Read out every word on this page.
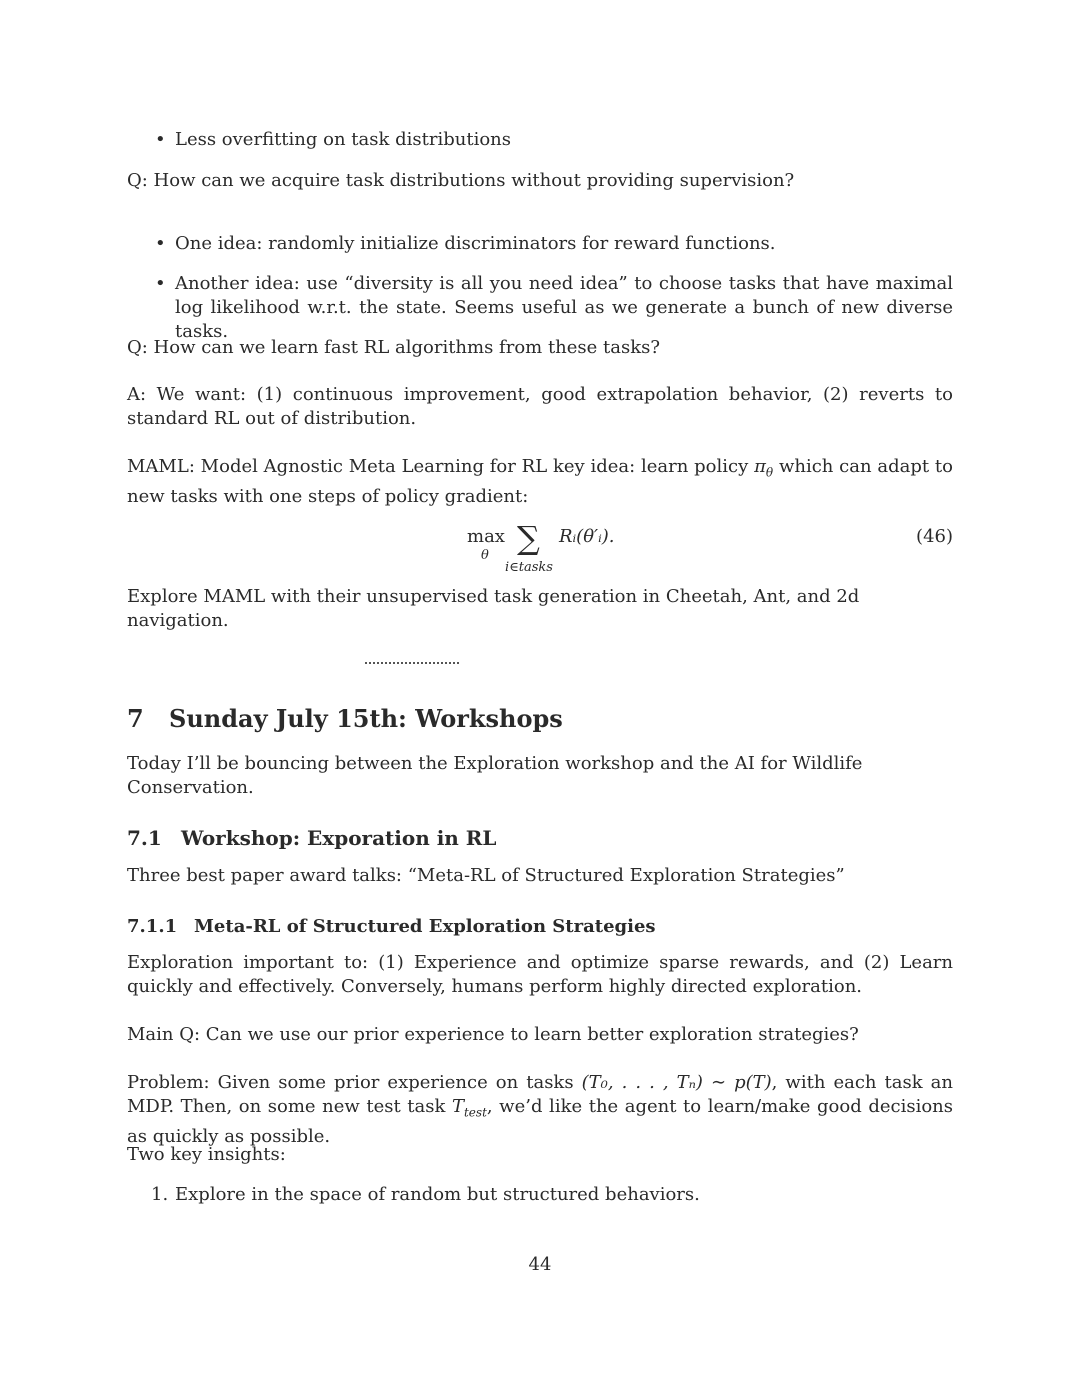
• Less overfitting on task distributions
Q: How can we acquire task distributions without providing supervision?
• One idea: randomly initialize discriminators for reward functions.
• Another idea: use “diversity is all you need idea” to choose tasks that have maximal log likelihood w.r.t. the state. Seems useful as we generate a bunch of new diverse tasks.
Q: How can we learn fast RL algorithms from these tasks?
A: We want: (1) continuous improvement, good extrapolation behavior, (2) reverts to standard RL out of distribution.
MAML: Model Agnostic Meta Learning for RL key idea: learn policy $\pi_\theta$ which can adapt to new tasks with one steps of policy gradient:
max
θ ∑
i∈tasks
Rᵢ(θ′ᵢ).	(46)
Explore MAML with their unsupervised task generation in Cheetah, Ant, and 2d navigation.
7 Sunday July 15th: Workshops
Today I’ll be bouncing between the Exploration workshop and the AI for Wildlife Conservation.
7.1 Workshop: Exporation in RL
Three best paper award talks: “Meta-RL of Structured Exploration Strategies”
7.1.1 Meta-RL of Structured Exploration Strategies
Exploration important to: (1) Experience and optimize sparse rewards, and (2) Learn quickly and effectively. Conversely, humans perform highly directed exploration.
Main Q: Can we use our prior experience to learn better exploration strategies?
Problem: Given some prior experience on tasks (T₀, . . . , Tₙ) ∼ p(T), with each task an MDP. Then, on some new test task $T_{test}$, we’d like the agent to learn/make good decisions as quickly as possible.
Two key insights:
1. Explore in the space of random but structured behaviors.
44
